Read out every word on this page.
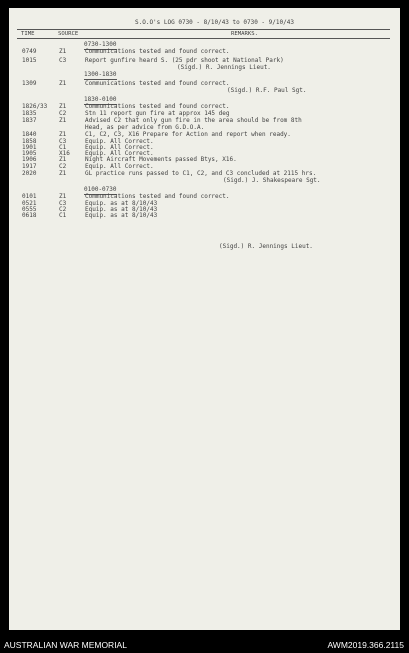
S.O.O's LOG 0730 - 8/10/43 to 0730 - 9/10/43
TIME	SOURCE	REMARKS.
0730-1300
0749	Z1	Communications tested and found correct.
1015	C3	Report gunfire heard S. (25 pdr shoot at National Park)
(Sigd.) R. Jennings Lieut.
1300-1830
1309	Z1	Communications tested and found correct.
(Sigd.) R.F. Paul Sgt.
1830-0100
1826/33 Z1	Communications tested and found correct.
1835	C2	Stn 11 report gun fire at approx 145 deg
1837	Z1	Advised C2 that only gun fire in the area should be from 8th
Head, as per advice from G.D.O.A.
1840	Z1	C1, C2, C3, X16 Prepare for Action and report when ready.
1858	C3	Equip. All Correct.
1901	C1	Equip. All Correct.
1905	X16	Equip. All Correct.
1906	Z1	Night Aircraft Movements passed Btys, X16.
1917	C2	Equip. All Correct.
2020	Z1	GL practice runs passed to C1, C2, and C3 concluded at 2115 hrs.
(Sigd.) J. Shakespeare Sgt.
0100-0730
0101	Z1	Communications tested and found correct.
0521	C3	Equip. as at 8/10/43
0555	C2	Equip. as at 8/10/43
0618	C1	Equip. as at 8/10/43
(Sigd.) R. Jennings Lieut.
AUSTRALIAN WAR MEMORIAL	AWM2019.366.2115
